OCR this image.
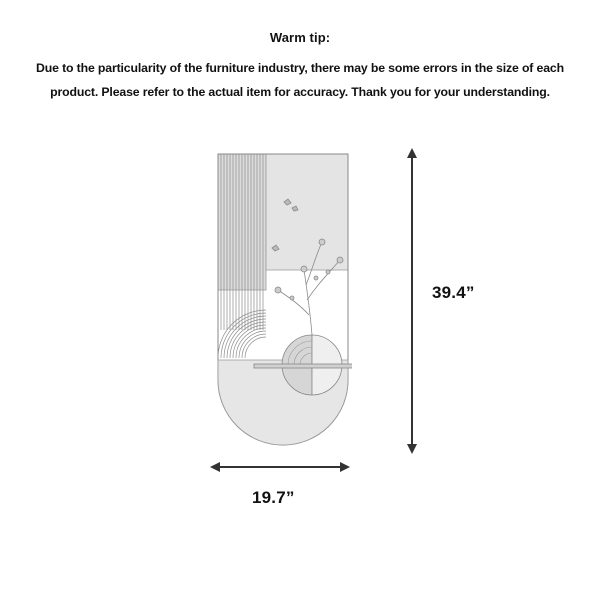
Warm tip:
Due to the particularity of the furniture industry, there may be some errors in the size of each
product. Please refer to the actual item for accuracy. Thank you for your understanding.
39.4”
19.7”
